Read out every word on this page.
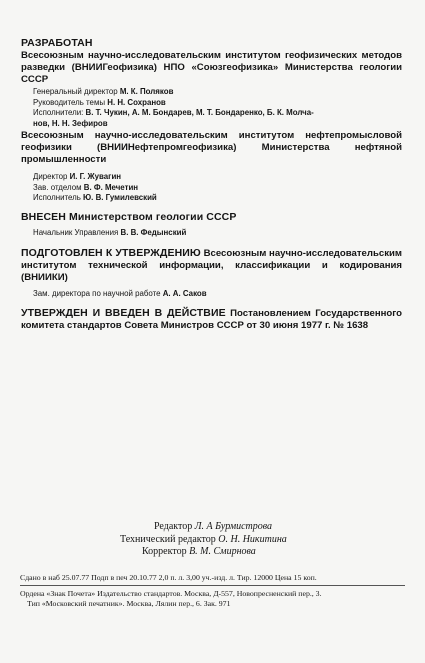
РАЗРАБОТАН

Всесоюзным научно-исследовательским институтом геофизических методов разведки (ВНИИГеофизика) НПО «Союзгеофизика» Министерства геологии СССР

Генеральный директор М. К. Поляков
Руководитель темы Н. Н. Сохранов
Исполнители: В. Т. Чукин, А. М. Бондарев, М. Т. Бондаренко, Б. К. Молча-
нов, Н. Н. Зефиров

Всесоюзным научно-исследовательским институтом нефтепромысловой геофизики (ВНИИНефтепромгеофизика) Министерства нефтяной промышленности

Директор И. Г. Жувагин
Зав. отделом В. Ф. Мечетин
Исполнитель Ю. В. Гумилевский
ВНЕСЕН Министерством геологии СССР
Начальник Управления В. В. Федынский

ПОДГОТОВЛЕН К УТВЕРЖДЕНИЮ Всесоюзным научно-исследовательским институтом технической информации, классификации и кодирования (ВНИИКИ)

Зам. директора по научной работе А. А. Саков

УТВЕРЖДЕН И ВВЕДЕН В ДЕЙСТВИЕ Постановлением Государственного комитета стандартов Совета Министров СССР от 30 июня 1977 г. № 1638

Редактор Л. А Бурмистрова
Технический редактор О. Н. Никитина
Корректор В. М. Смирнова
Сдано в наб 25.07.77 Подп в печ 20.10.77 2,0 п. л. 3,00 уч.-изд. л. Тир. 12000 Цена 15 коп.
Ордена «Знак Почета» Издательство стандартов. Москва, Д-557, Новопресненский пер., 3.
Тип «Московский печатник». Москва, Лялин пер., 6. Зак. 971
